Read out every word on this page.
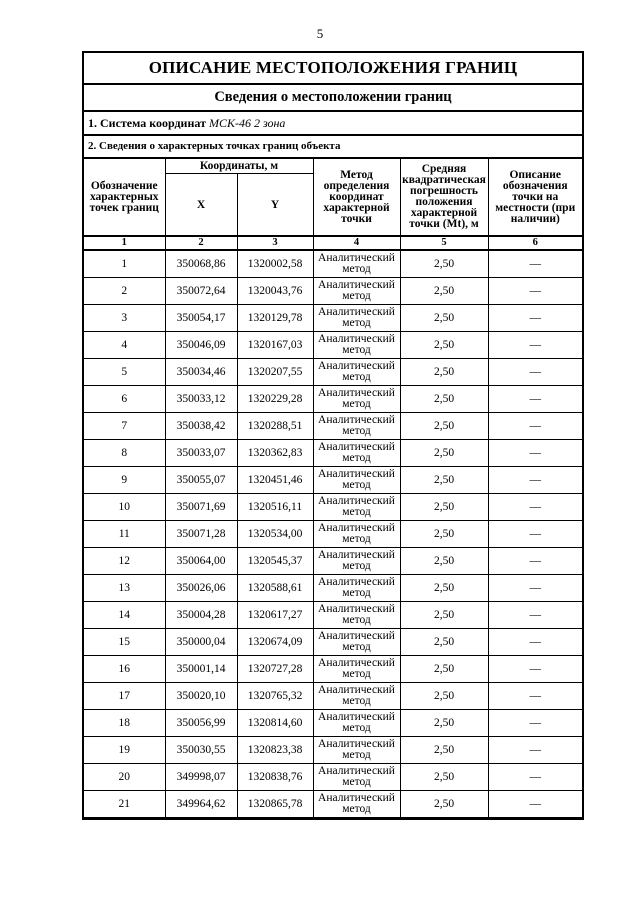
5
ОПИСАНИЕ МЕСТОПОЛОЖЕНИЯ ГРАНИЦ
Сведения о местоположении границ
1. Система координат МСК-46 2 зона
2. Сведения о характерных точках границ объекта
Обозначение характерных точек границ	Координаты, м		Метод определения координат характерной точки	Средняя квадратическая погрешность положения характерной точки (Mt), м	Описание обозначения точки на местности (при наличии)
	X	Y			
1	2	3	4	5	6
1	350068,86	1320002,58	Аналитический метод	2,50	—
2	350072,64	1320043,76	Аналитический метод	2,50	—
3	350054,17	1320129,78	Аналитический метод	2,50	—
4	350046,09	1320167,03	Аналитический метод	2,50	—
5	350034,46	1320207,55	Аналитический метод	2,50	—
6	350033,12	1320229,28	Аналитический метод	2,50	—
7	350038,42	1320288,51	Аналитический метод	2,50	—
8	350033,07	1320362,83	Аналитический метод	2,50	—
9	350055,07	1320451,46	Аналитический метод	2,50	—
10	350071,69	1320516,11	Аналитический метод	2,50	—
11	350071,28	1320534,00	Аналитический метод	2,50	—
12	350064,00	1320545,37	Аналитический метод	2,50	—
13	350026,06	1320588,61	Аналитический метод	2,50	—
14	350004,28	1320617,27	Аналитический метод	2,50	—
15	350000,04	1320674,09	Аналитический метод	2,50	—
16	350001,14	1320727,28	Аналитический метод	2,50	—
17	350020,10	1320765,32	Аналитический метод	2,50	—
18	350056,99	1320814,60	Аналитический метод	2,50	—
19	350030,55	1320823,38	Аналитический метод	2,50	—
20	349998,07	1320838,76	Аналитический метод	2,50	—
21	349964,62	1320865,78	Аналитический метод	2,50	—
